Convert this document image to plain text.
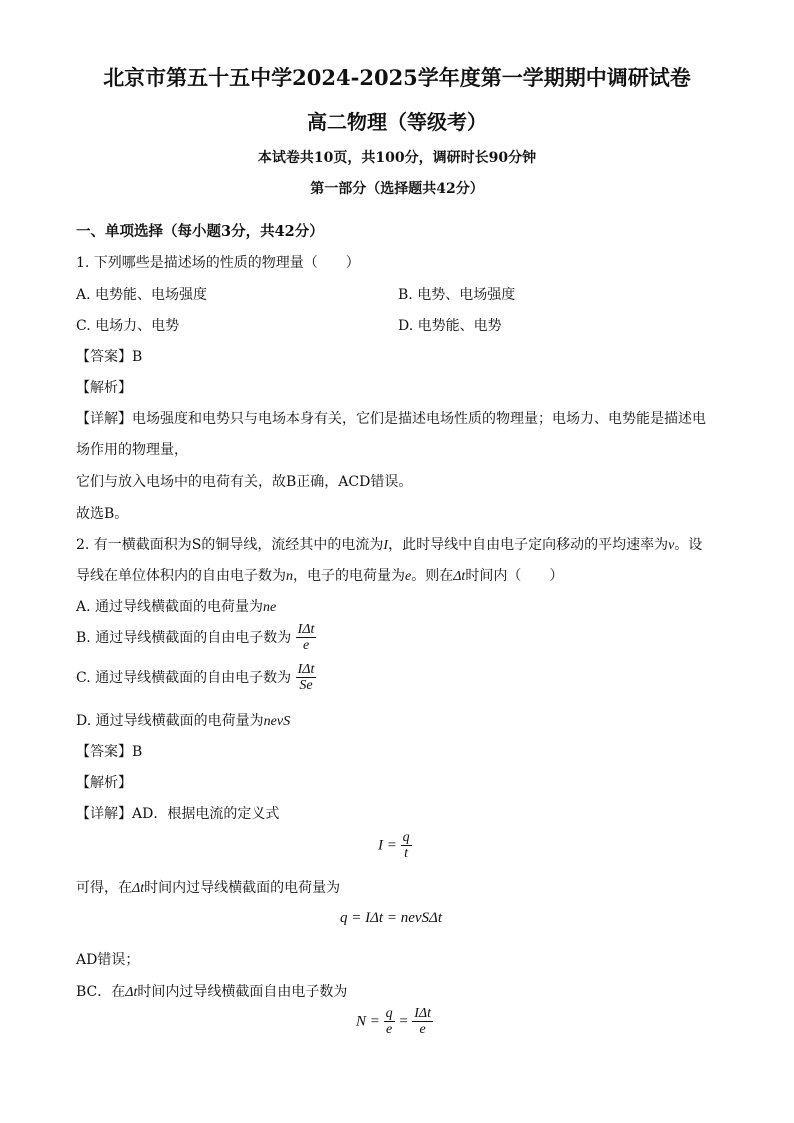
北京市第五十五中学2024-2025学年度第一学期期中调研试卷
高二物理（等级考）
本试卷共10页，共100分，调研时长90分钟
第一部分（选择题共42分）
一、单项选择（每小题3分，共42分）
1. 下列哪些是描述场的性质的物理量（　　）
A. 电势能、电场强度	B. 电势、电场强度
C. 电场力、电势	D. 电势能、电势
【答案】B
【解析】
【详解】电场强度和电势只与电场本身有关，它们是描述电场性质的物理量；电场力、电势能是描述电
场作用的物理量，
它们与放入电场中的电荷有关，故B正确，ACD错误。
故选B。
2. 有一横截面积为S的铜导线，流经其中的电流为I，此时导线中自由电子定向移动的平均速率为v。设
导线在单位体积内的自由电子数为n，电子的电荷量为e。则在Δt时间内（　　）
A. 通过导线横截面的电荷量为ne
B. 通过导线横截面的自由电子数为 $\frac{\text{IΔt}}{e}$
C. 通过导线横截面的自由电子数为 $\frac{\text{IΔt}}{Se}$
D. 通过导线横截面的电荷量为nevS
【答案】B
【解析】
【详解】AD．根据电流的定义式
$I = \frac{q}{t}$
可得，在Δt时间内过导线横截面的电荷量为
q = IΔt = nevSΔt
AD错误；
BC．在Δt时间内过导线横截面自由电子数为
$N = \frac{q}{e} = \frac{\text{IΔt}}{e}$
